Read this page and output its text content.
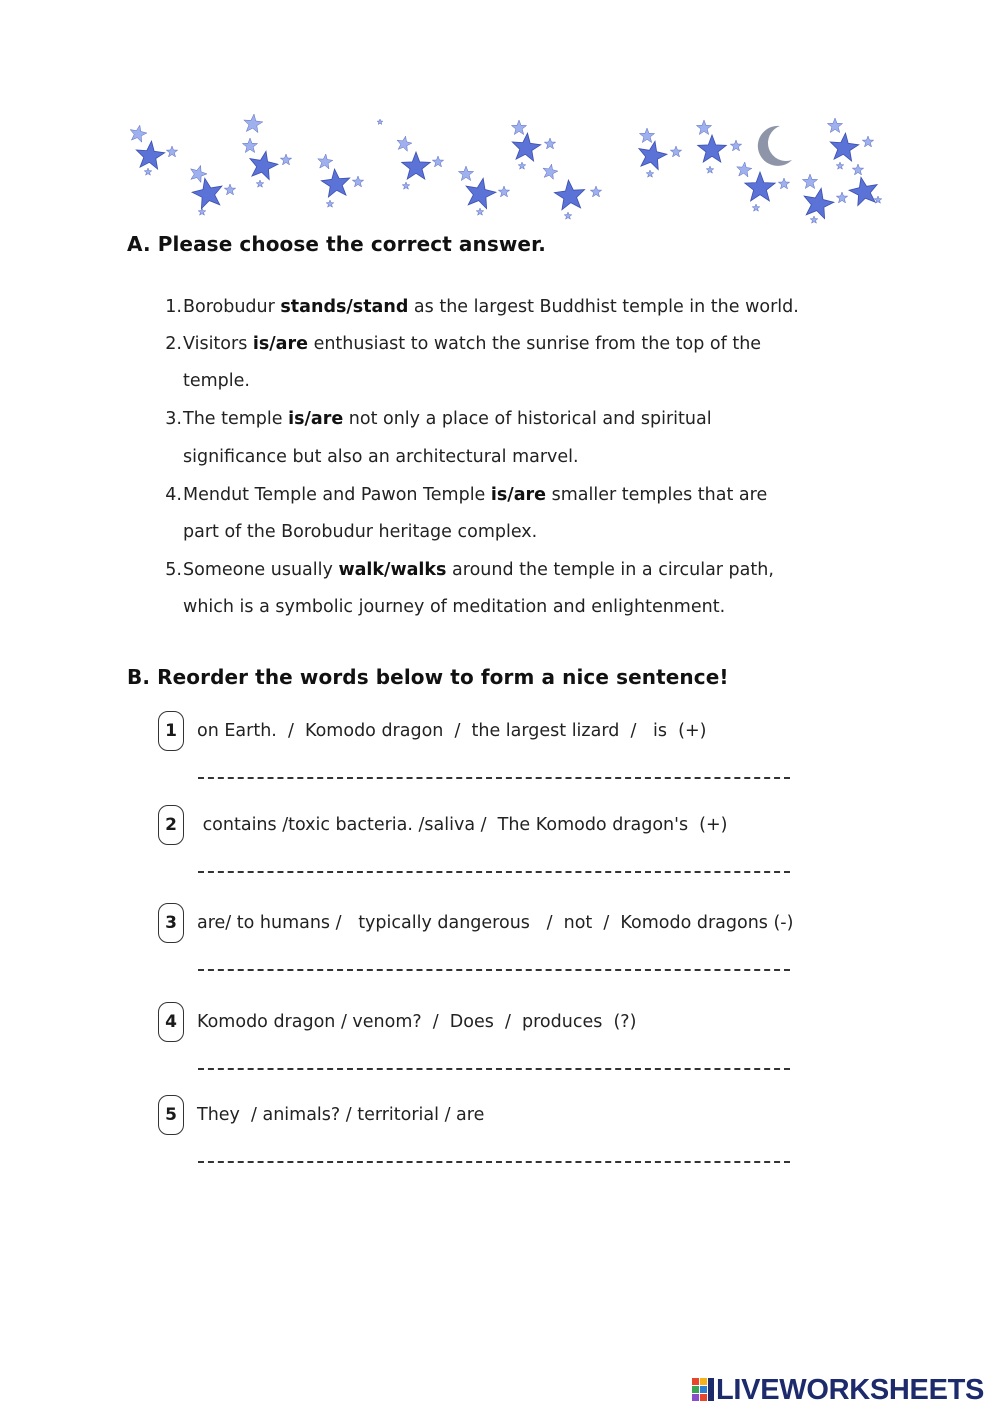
A. Please choose the correct answer.
1. Borobudur stands/stand as the largest Buddhist temple in the world.
2. Visitors is/are enthusiast to watch the sunrise from the top of the
temple.
3. The temple is/are not only a place of historical and spiritual
significance but also an architectural marvel.
4. Mendut Temple and Pawon Temple is/are smaller temples that are
part of the Borobudur heritage complex.
5. Someone usually walk/walks around the temple in a circular path,
which is a symbolic journey of meditation and enlightenment.
B. Reorder the words below to form a nice sentence!
1	on Earth.  /  Komodo dragon  /  the largest lizard  /   is  (+)
2	contains /toxic bacteria. /saliva /  The Komodo dragon's  (+)
3	are/ to humans /   typically dangerous   /  not  /  Komodo dragons (-)
4	Komodo dragon / venom?  /  Does  /  produces  (?)
5	They  / animals? / territorial / are
LIVEWORKSHEETS
